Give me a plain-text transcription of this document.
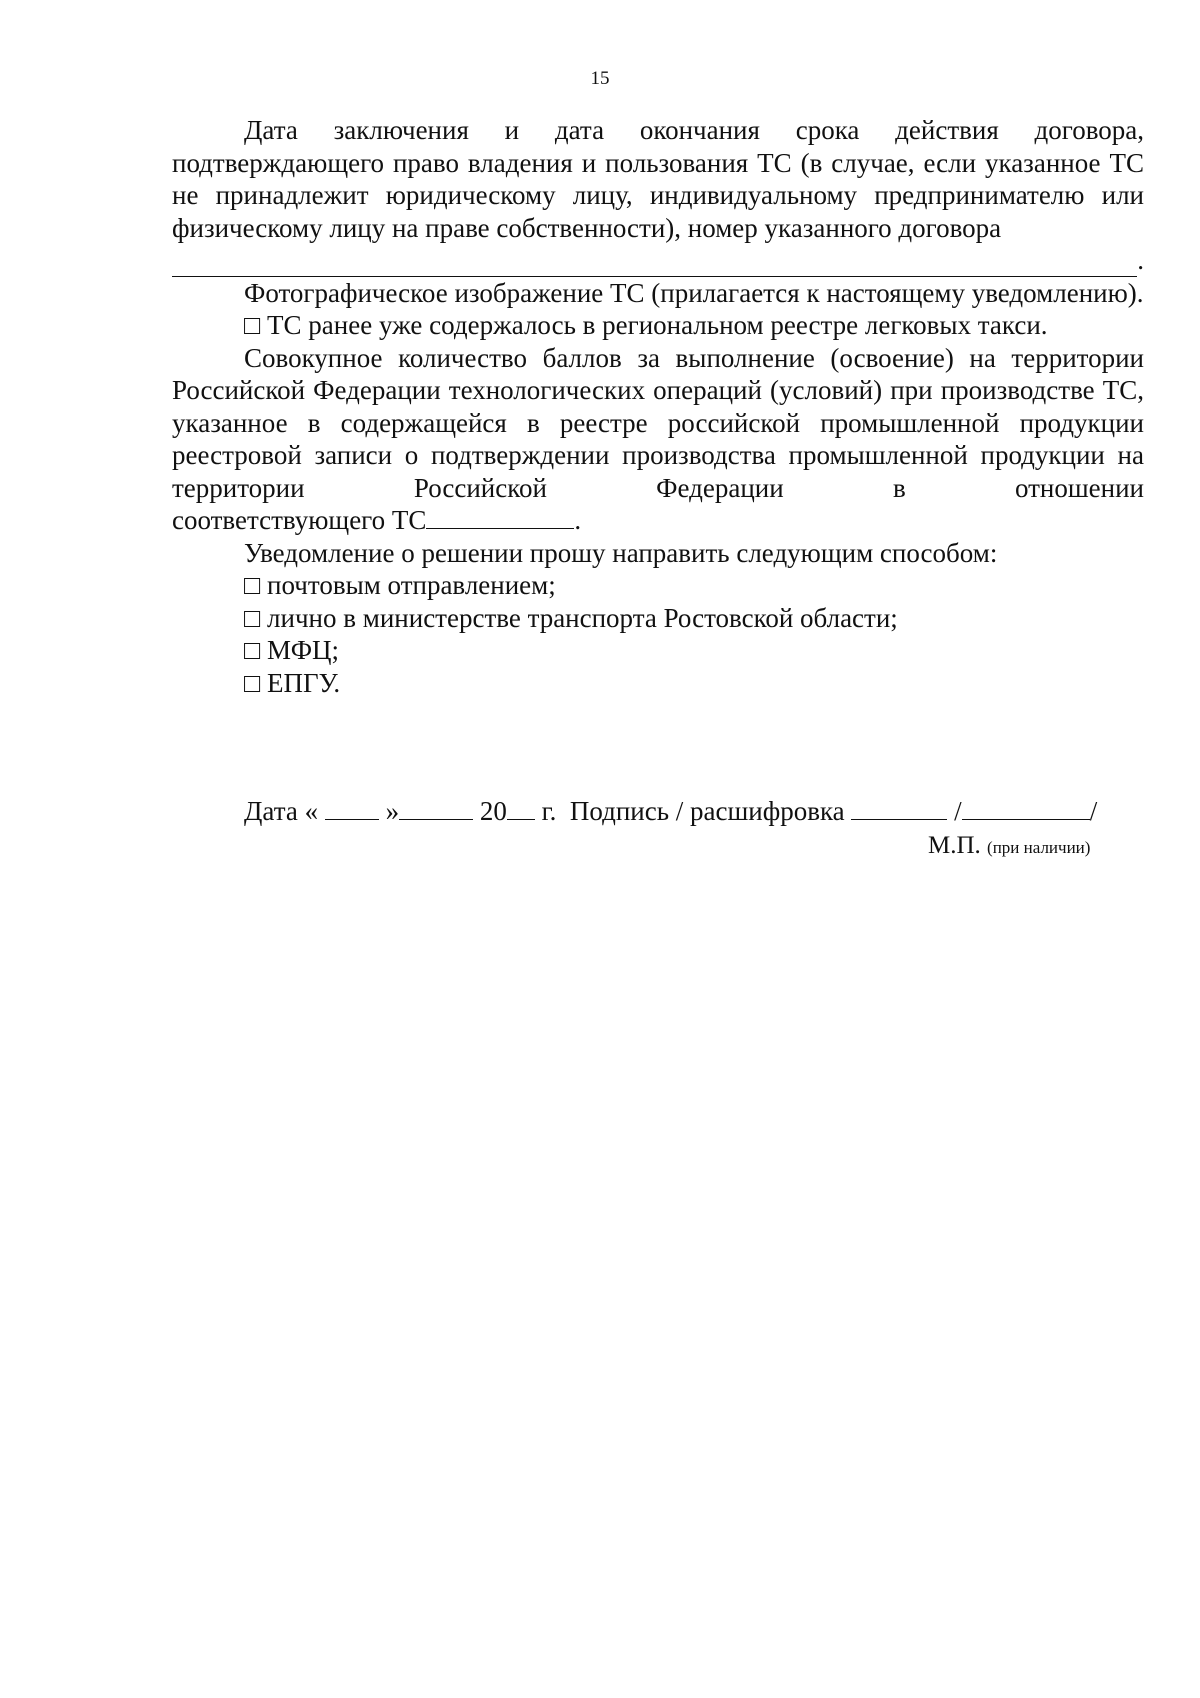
15

Дата заключения и дата окончания срока действия договора, подтверждающего право владения и пользования ТС (в случае, если указанное ТС не принадлежит юридическому лицу, индивидуальному предпринимателю или физическому лицу на праве собственности), номер указанного договора

.

Фотографическое изображение ТС (прилагается к настоящему уведомлению).

□ ТС ранее уже содержалось в региональном реестре легковых такси.

Совокупное количество баллов за выполнение (освоение) на территории Российской Федерации технологических операций (условий) при производстве ТС, указанное в содержащейся в реестре российской промышленной продукции реестровой записи о подтверждении производства промышленной продукции на территории Российской Федерации в отношении

соответствующего ТС	.

Уведомление о решении прошу направить следующим способом:

□ почтовым отправлением;

□ лично в министерстве транспорта Ростовской области;

□ МФЦ;

□ ЕПГУ.

Дата «	»	20 г. Подпись / расшифровка	/	/
М.П. (при наличии)
